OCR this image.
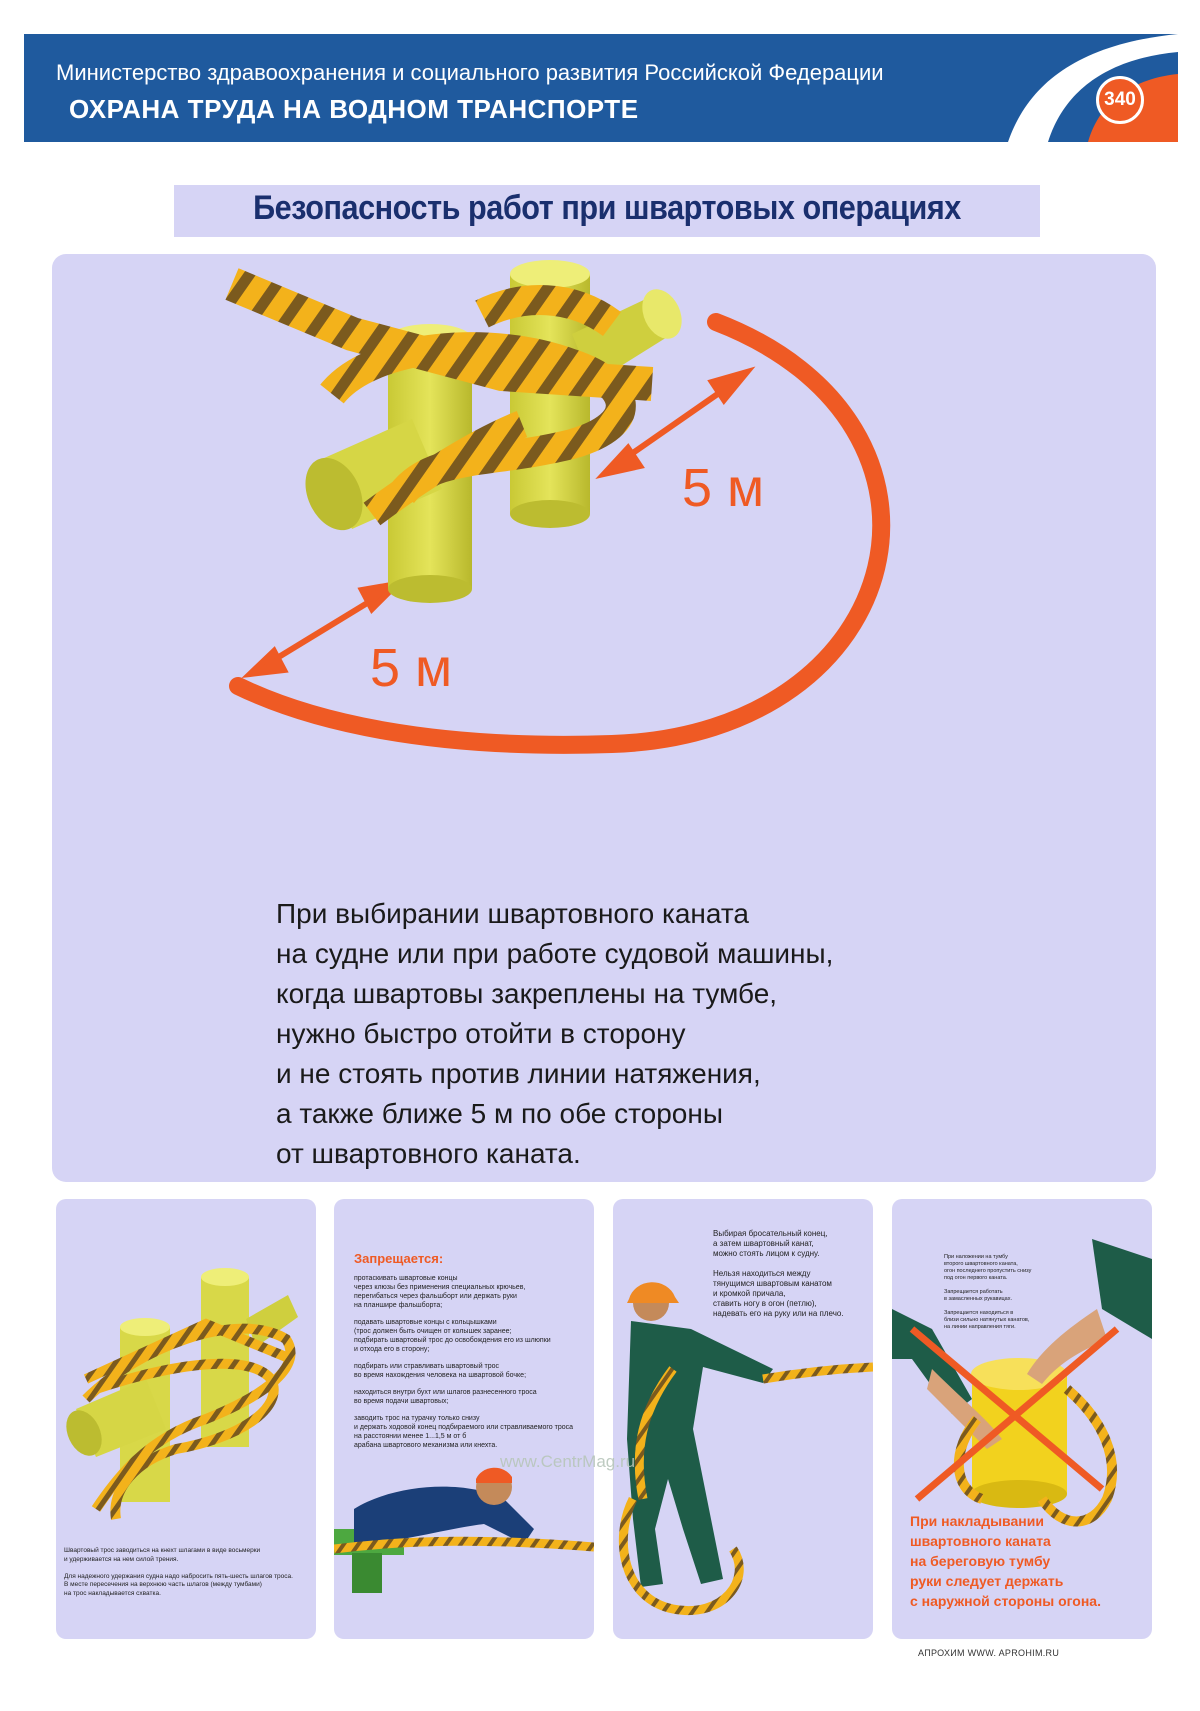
Министерство здравоохранения и социального развития Российской Федерации
ОХРАНА ТРУДА НА ВОДНОМ ТРАНСПОРТЕ	340
Безопасность работ при швартовых операциях
5 м
5 м
При выбирании швартовного каната
на судне или при работе судовой машины,
когда швартовы закреплены на тумбе,
нужно быстро отойти в сторону
и не стоять против линии натяжения,
а также ближе 5 м по обе стороны
от швартовного каната.
Швартовый трос заводиться на кнехт шлагами в виде восьмерки
и удерживается на нем силой трения.

Для надежного удержания судна надо набросить пять-шесть шлагов троса.
В месте пересечения на верхнюю часть шлагов (между тумбами)
на трос накладывается схватка.
Запрещается:
протаскивать швартовые концы
через клюзы без применения специальных крючьев,
перегибаться через фальшборт или держать руки
на планшире фальшборта;
подавать швартовые концы с кольцышками
(трос должен быть очищен от колышек заранее;
подбирать швартовый трос до освобождения его из шлюпки
и отхода его в сторону;
подбирать или стравливать швартовый трос
во время нахождения человека на швартовой бочке;
находиться внутри бухт или шлагов разнесенного троса
во время подачи швартовых;
заводить трос на турачку только снизу
и держать ходовой конец подбираемого или стравливаемого троса
на расстоянии менее 1...1,5 м от б
арабана швартового механизма или кнехта.
Выбирая бросательный конец,
а затем швартовный канат,
можно стоять лицом к судну.

Нельзя находиться между
тянущимся швартовым канатом
и кромкой причала,
ставить ногу в огон (петлю),
надевать его на руку или на плечо.
При наложении на тумбу
второго швартовного каната,
огон последнего пропустить снизу
под огон первого каната.

Запрещается работать
в замасленных рукавицах.

Запрещается находиться в
близи сильно натянутых канатов,
на линии направления тяги.
При накладывании
швартовного каната
на береговую тумбу
руки следует держать
с наружной стороны огона.
www.CentrMag.ru
АПРОХИМ WWW. APROHIM.RU
